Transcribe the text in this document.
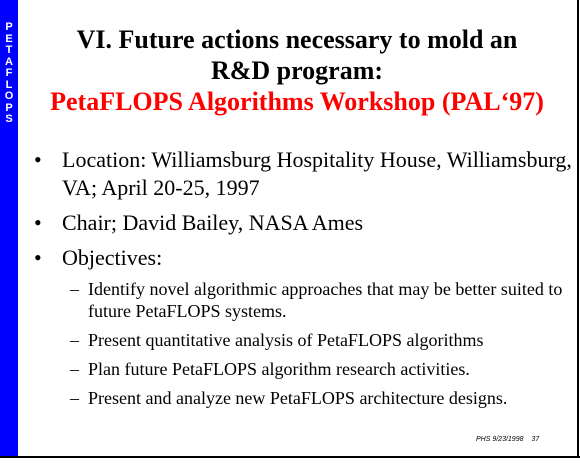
P
E
T
A
F
L
O
P
S
VI. Future actions necessary to mold an
R&D program:
PetaFLOPS Algorithms Workshop (PAL‘97)
• Location: Williamsburg Hospitality House, Williamsburg, VA; April 20-25, 1997
• Chair; David Bailey, NASA Ames
• Objectives:
– Identify novel algorithmic approaches that may be better suited to future PetaFLOPS systems.
– Present quantitative analysis of PetaFLOPS algorithms
– Plan future PetaFLOPS algorithm research activities.
– Present and analyze new PetaFLOPS architecture designs.
PHS 9/23/1998 37
